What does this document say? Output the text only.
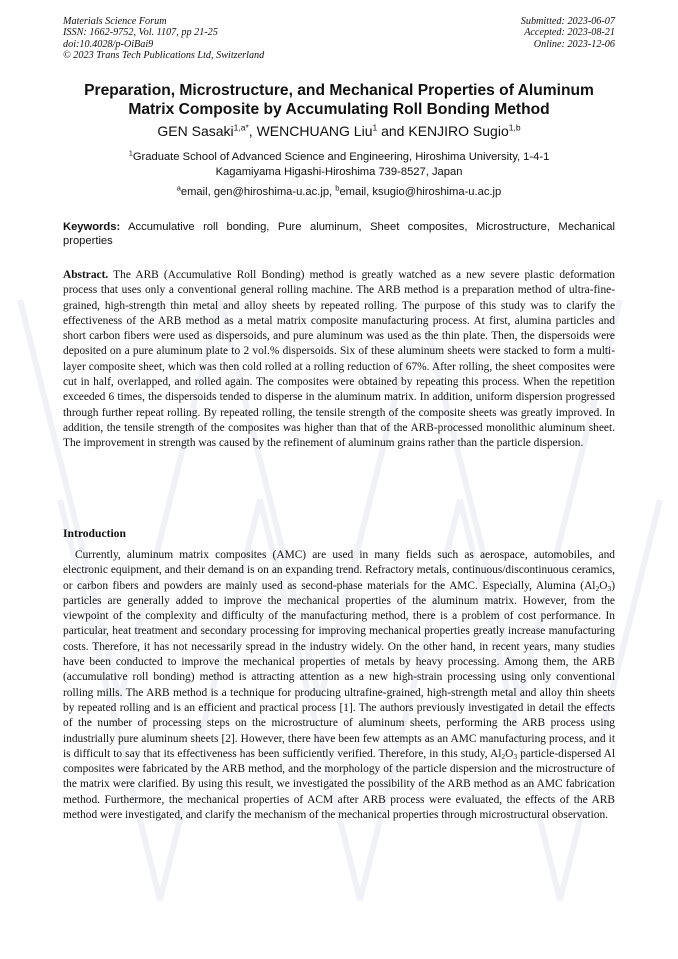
Materials Science Forum
ISSN: 1662-9752, Vol. 1107, pp 21-25
doi:10.4028/p-OiBai9
© 2023 Trans Tech Publications Ltd, Switzerland
Submitted: 2023-06-07
Accepted: 2023-08-21
Online: 2023-12-06
Preparation, Microstructure, and Mechanical Properties of Aluminum
Matrix Composite by Accumulating Roll Bonding Method
GEN Sasaki$^{1,a*}$, WENCHUANG Liu$^1$ and KENJIRO Sugio$^{1,b}$
$^1$Graduate School of Advanced Science and Engineering, Hiroshima University, 1-4-1
Kagamiyama Higashi-Hiroshima 739-8527, Japan
$^a$email, gen@hiroshima-u.ac.jp, $^b$email, ksugio@hiroshima-u.ac.jp
Keywords: Accumulative roll bonding, Pure aluminum, Sheet composites, Microstructure, Mechanical properties

Abstract. The ARB (Accumulative Roll Bonding) method is greatly watched as a new severe plastic deformation process that uses only a conventional general rolling machine. The ARB method is a preparation method of ultra-fine-grained, high-strength thin metal and alloy sheets by repeated rolling. The purpose of this study was to clarify the effectiveness of the ARB method as a metal matrix composite manufacturing process. At first, alumina particles and short carbon fibers were used as dispersoids, and pure aluminum was used as the thin plate. Then, the dispersoids were deposited on a pure aluminum plate to 2 vol.% dispersoids. Six of these aluminum sheets were stacked to form a multi-layer composite sheet, which was then cold rolled at a rolling reduction of 67%. After rolling, the sheet composites were cut in half, overlapped, and rolled again. The composites were obtained by repeating this process. When the repetition exceeded 6 times, the dispersoids tended to disperse in the aluminum matrix. In addition, uniform dispersion progressed through further repeat rolling. By repeated rolling, the tensile strength of the composite sheets was greatly improved. In addition, the tensile strength of the composites was higher than that of the ARB-processed monolithic aluminum sheet. The improvement in strength was caused by the refinement of aluminum grains rather than the particle dispersion.

Introduction

Currently, aluminum matrix composites (AMC) are used in many fields such as aerospace, automobiles, and electronic equipment, and their demand is on an expanding trend. Refractory metals, continuous/discontinuous ceramics, or carbon fibers and powders are mainly used as second-phase materials for the AMC. Especially, Alumina $(Al_2O_3)$ particles are generally added to improve the mechanical properties of the aluminum matrix. However, from the viewpoint of the complexity and difficulty of the manufacturing method, there is a problem of cost performance. In particular, heat treatment and secondary processing for improving mechanical properties greatly increase manufacturing costs. Therefore, it has not necessarily spread in the industry widely. On the other hand, in recent years, many studies have been conducted to improve the mechanical properties of metals by heavy processing. Among them, the ARB (accumulative roll bonding) method is attracting attention as a new high-strain processing using only conventional rolling mills. The ARB method is a technique for producing ultrafine-grained, high-strength metal and alloy thin sheets by repeated rolling and is an efficient and practical process [1]. The authors previously investigated in detail the effects of the number of processing steps on the microstructure of aluminum sheets, performing the ARB process using industrially pure aluminum sheets [2]. However, there have been few attempts as an AMC manufacturing process, and it is difficult to say that its effectiveness has been sufficiently verified. Therefore, in this study, $Al_2O_3$ particle-dispersed Al composites were fabricated by the ARB method, and the morphology of the particle dispersion and the microstructure of the matrix were clarified. By using this result, we investigated the possibility of the ARB method as an AMC fabrication method. Furthermore, the mechanical properties of ACM after ARB process were evaluated, the effects of the ARB method were investigated, and clarify the mechanism of the mechanical properties through microstructural observation.
